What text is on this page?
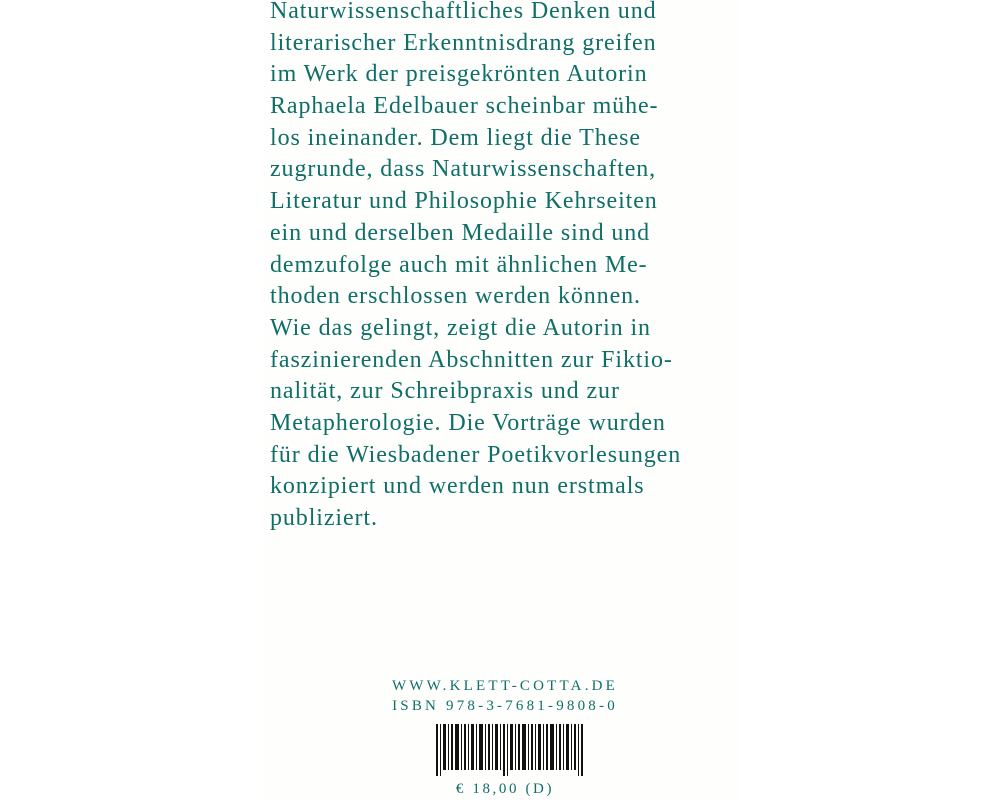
Naturwissenschaftliches Denken und
literarischer Erkenntnisdrang greifen
im Werk der preisgekrönten Autorin
Raphaela Edelbauer scheinbar mühe-
los ineinander. Dem liegt die These
zugrunde, dass Naturwissenschaften,
Literatur und Philosophie Kehrseiten
ein und derselben Medaille sind und
demzufolge auch mit ähnlichen Me-
thoden erschlossen werden können.
Wie das gelingt, zeigt die Autorin in
faszinierenden Abschnitten zur Fiktio-
nalität, zur Schreibpraxis und zur
Metapherologie. Die Vorträge wurden
für die Wiesbadener Poetikvorlesungen
konzipiert und werden nun erstmals
publiziert.
WWW.KLETT-COTTA.DE
ISBN 978-3-7681-9808-0
€ 18,00 (D)
